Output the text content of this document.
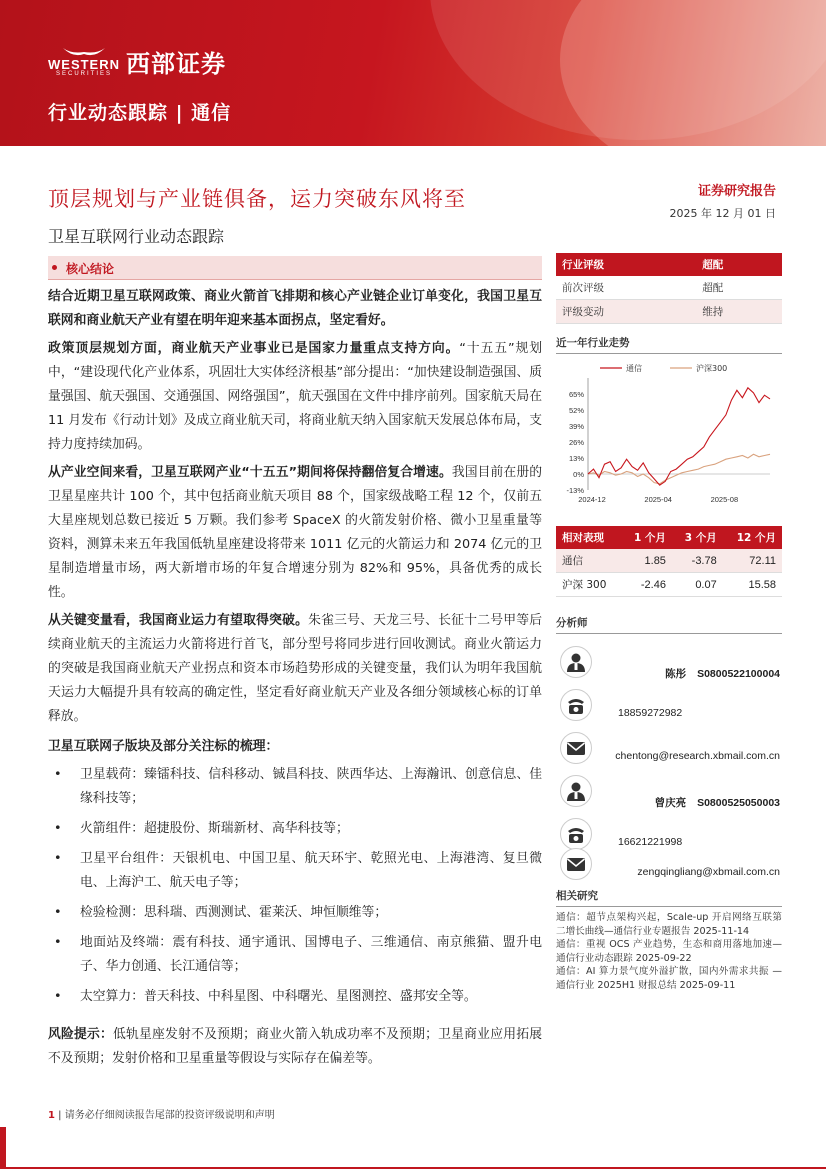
WESTERN
SECURITIES 西部证券
行业动态跟踪 | 通信
顶层规划与产业链俱备，运力突破东风将至
卫星互联网行业动态跟踪
证券研究报告
2025 年 12 月 01 日
核心结论

结合近期卫星互联网政策、商业火箭首飞排期和核心产业链企业订单变化，我国卫星互联网和商业航天产业有望在明年迎来基本面拐点，坚定看好。

政策顶层规划方面，商业航天产业事业已是国家力量重点支持方向。“十五五”规划中，“建设现代化产业体系，巩固壮大实体经济根基”部分提出：“加快建设制造强国、质量强国、航天强国、交通强国、网络强国”，航天强国在文件中排序前列。国家航天局在 11 月发布《行动计划》及成立商业航天司，将商业航天纳入国家航天发展总体布局，支持力度持续加码。

从产业空间来看，卫星互联网产业“十五五”期间将保持翻倍复合增速。我国目前在册的卫星星座共计 100 个，其中包括商业航天项目 88 个，国家级战略工程 12 个，仅前五大星座规划总数已接近 5 万颗。我们参考 SpaceX 的火箭发射价格、微小卫星重量等资料，测算未来五年我国低轨星座建设将带来 1011 亿元的火箭运力和 2074 亿元的卫星制造增量市场，两大新增市场的年复合增速分别为 82%和 95%，具备优秀的成长性。

从关键变量看，我国商业运力有望取得突破。朱雀三号、天龙三号、长征十二号甲等后续商业航天的主流运力火箭将进行首飞，部分型号将同步进行回收测试。商业火箭运力的突破是我国商业航天产业拐点和资本市场趋势形成的关键变量，我们认为明年我国航天运力大幅提升具有较高的确定性，坚定看好商业航天产业及各细分领域核心标的订单释放。

卫星互联网子版块及部分关注标的梳理：

• 卫星载荷：臻镭科技、信科移动、铖昌科技、陕西华达、上海瀚讯、创意信息、佳缘科技等；
• 火箭组件：超捷股份、斯瑞新材、高华科技等；
• 卫星平台组件：天银机电、中国卫星、航天环宇、乾照光电、上海港湾、复旦微电、上海沪工、航天电子等；
• 检验检测：思科瑞、西测测试、霍莱沃、坤恒顺维等；
• 地面站及终端：震有科技、通宇通讯、国博电子、三维通信、南京熊猫、盟升电子、华力创通、长江通信等；
• 太空算力：普天科技、中科星图、中科曙光、星图测控、盛邦安全等。

风险提示：低轨星座发射不及预期；商业火箭入轨成功率不及预期；卫星商业应用拓展不及预期；发射价格和卫星重量等假设与实际存在偏差等。

行业评级	超配
前次评级	超配
评级变动	维持
近一年行业走势
通信	沪深300
65%
52%
39%
26%
13%
0%
-13%
2024-12	2025-04	2025-08
相对表现	1 个月	3 个月	12 个月
通信	1.85	-3.78	72.11
沪深 300	-2.46	0.07	15.58
分析师
陈彤 S0800522100004
18859272982
chentong@research.xbmail.com.cn
曾庆亮 S0800525050003
16621221998
zengqingliang@xbmail.com.cn
相关研究
通信：超节点架构兴起，Scale-up 开启网络互联第二增长曲线—通信行业专题报告 2025-11-14
通信：重视 OCS 产业趋势，生态和商用落地加速—通信行业动态跟踪 2025-09-22
通信：AI 算力景气度外溢扩散，国内外需求共振 — 通信行业 2025H1 财报总结 2025-09-11
1 | 请务必仔细阅读报告尾部的投资评级说明和声明
